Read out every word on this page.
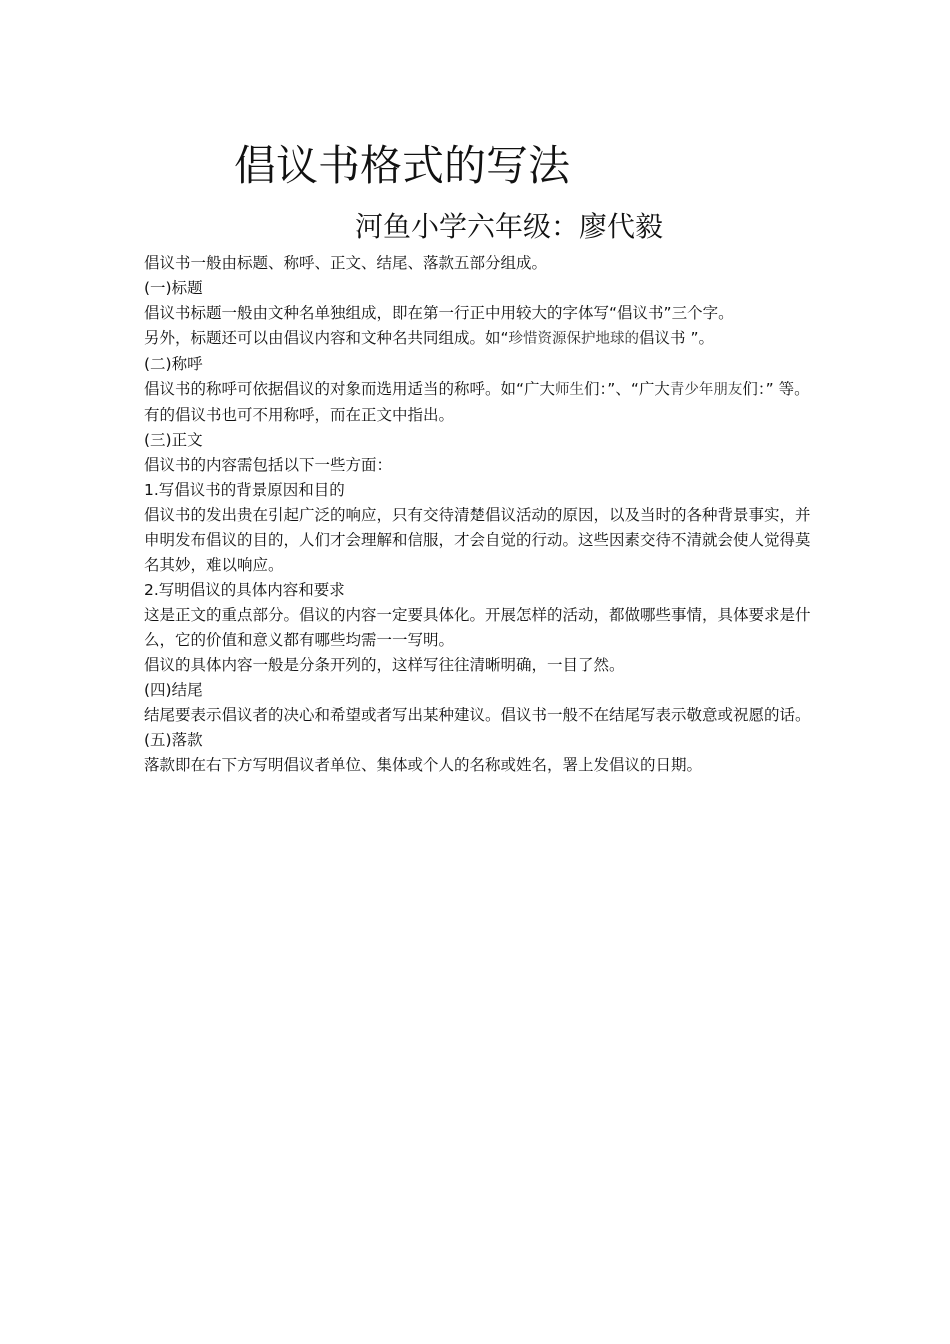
倡议书格式的写法
河鱼小学六年级：廖代毅

倡议书一般由标题、称呼、正文、结尾、落款五部分组成。

(一)标题

倡议书标题一般由文种名单独组成，即在第一行正中用较大的字体写“倡议书”三个字。

另外，标题还可以由倡议内容和文种名共同组成。如“珍惜资源保护地球的倡议书 ”。

(二)称呼

倡议书的称呼可依据倡议的对象而选用适当的称呼。如“广大师生们：”、“广大青少年朋友们：” 等。有的倡议书也可不用称呼，而在正文中指出。

(三)正文

倡议书的内容需包括以下一些方面：

1.写倡议书的背景原因和目的

倡议书的发出贵在引起广泛的响应，只有交待清楚倡议活动的原因，以及当时的各种背景事实，并申明发布倡议的目的，人们才会理解和信服，才会自觉的行动。这些因素交待不清就会使人觉得莫名其妙，难以响应。

2.写明倡议的具体内容和要求

这是正文的重点部分。倡议的内容一定要具体化。开展怎样的活动，都做哪些事情，具体要求是什么，它的价值和意义都有哪些均需一一写明。

倡议的具体内容一般是分条开列的，这样写往往清晰明确，一目了然。

(四)结尾

结尾要表示倡议者的决心和希望或者写出某种建议。倡议书一般不在结尾写表示敬意或祝愿的话。

(五)落款

落款即在右下方写明倡议者单位、集体或个人的名称或姓名，署上发倡议的日期。
